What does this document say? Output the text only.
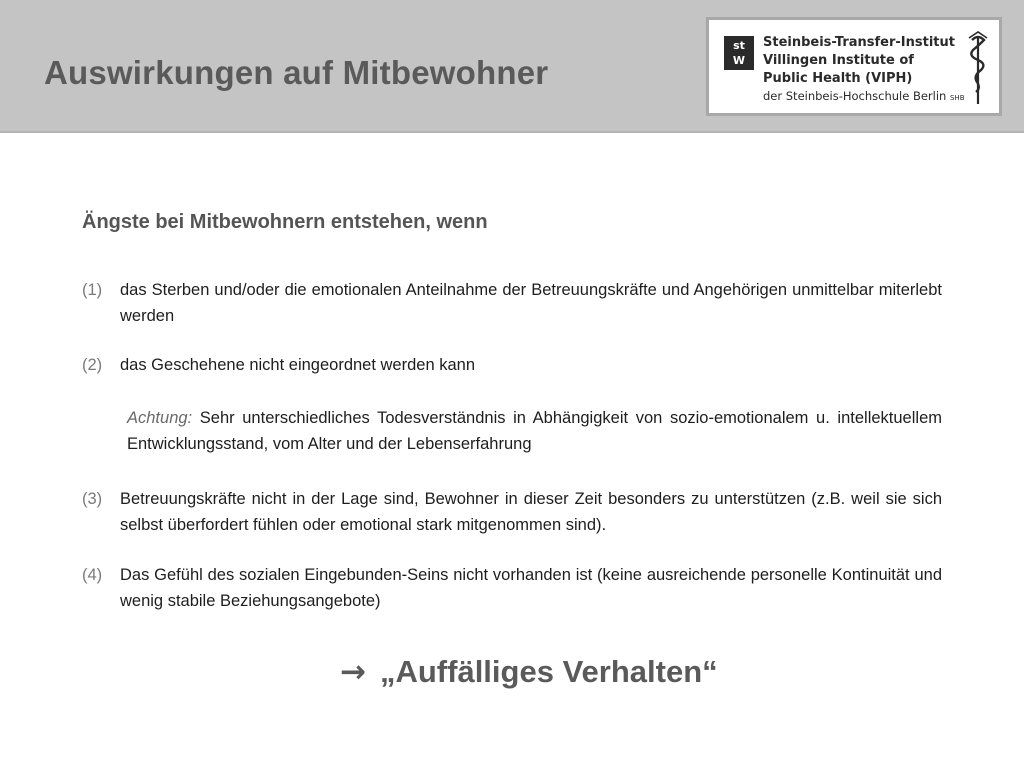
Auswirkungen auf Mitbewohner
st
W
Steinbeis-Transfer-Institut
Villingen Institute of
Public Health (VIPH)
der Steinbeis-Hochschule Berlin SHB
Ängste bei Mitbewohnern entstehen, wenn
(1) das Sterben und/oder die emotionalen Anteilnahme der Betreuungskräfte und Angehörigen unmittelbar miterlebt werden
(2) das Geschehene nicht eingeordnet werden kann
Achtung: Sehr unterschiedliches Todesverständnis in Abhängigkeit von sozio-emotionalem u. intellektuellem Entwicklungsstand, vom Alter und der Lebenserfahrung
(3) Betreuungskräfte nicht in der Lage sind, Bewohner in dieser Zeit besonders zu unterstützen (z.B. weil sie sich selbst überfordert fühlen oder emotional stark mitgenommen sind).
(4) Das Gefühl des sozialen Eingebunden-Seins nicht vorhanden ist (keine ausreichende personelle Kontinuität und wenig stabile Beziehungsangebote)
→ „Auffälliges Verhalten“
